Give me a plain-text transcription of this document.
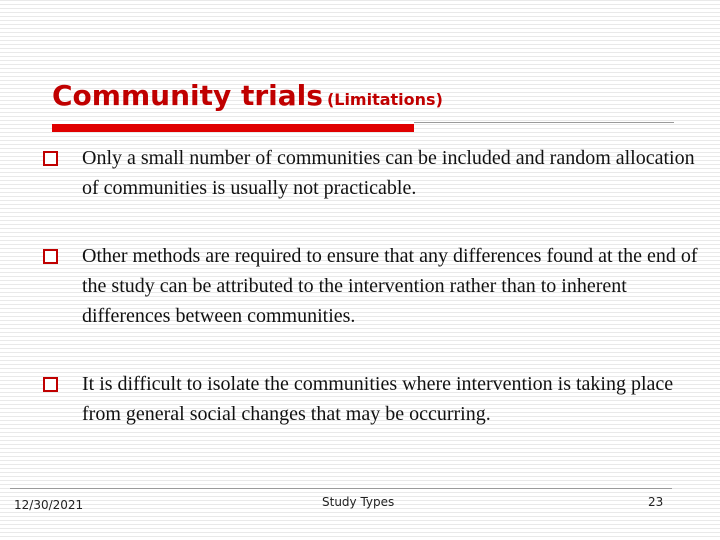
Community trials (Limitations)
Only a small number of communities can be included and random allocation of communities is usually not practicable.
Other methods are required to ensure that any differences found at the end of the study can be attributed to the intervention rather than to inherent differences between communities.
It is difficult to isolate the communities where intervention is taking place from general social changes that may be occurring.
12/30/2021	Study Types	23
